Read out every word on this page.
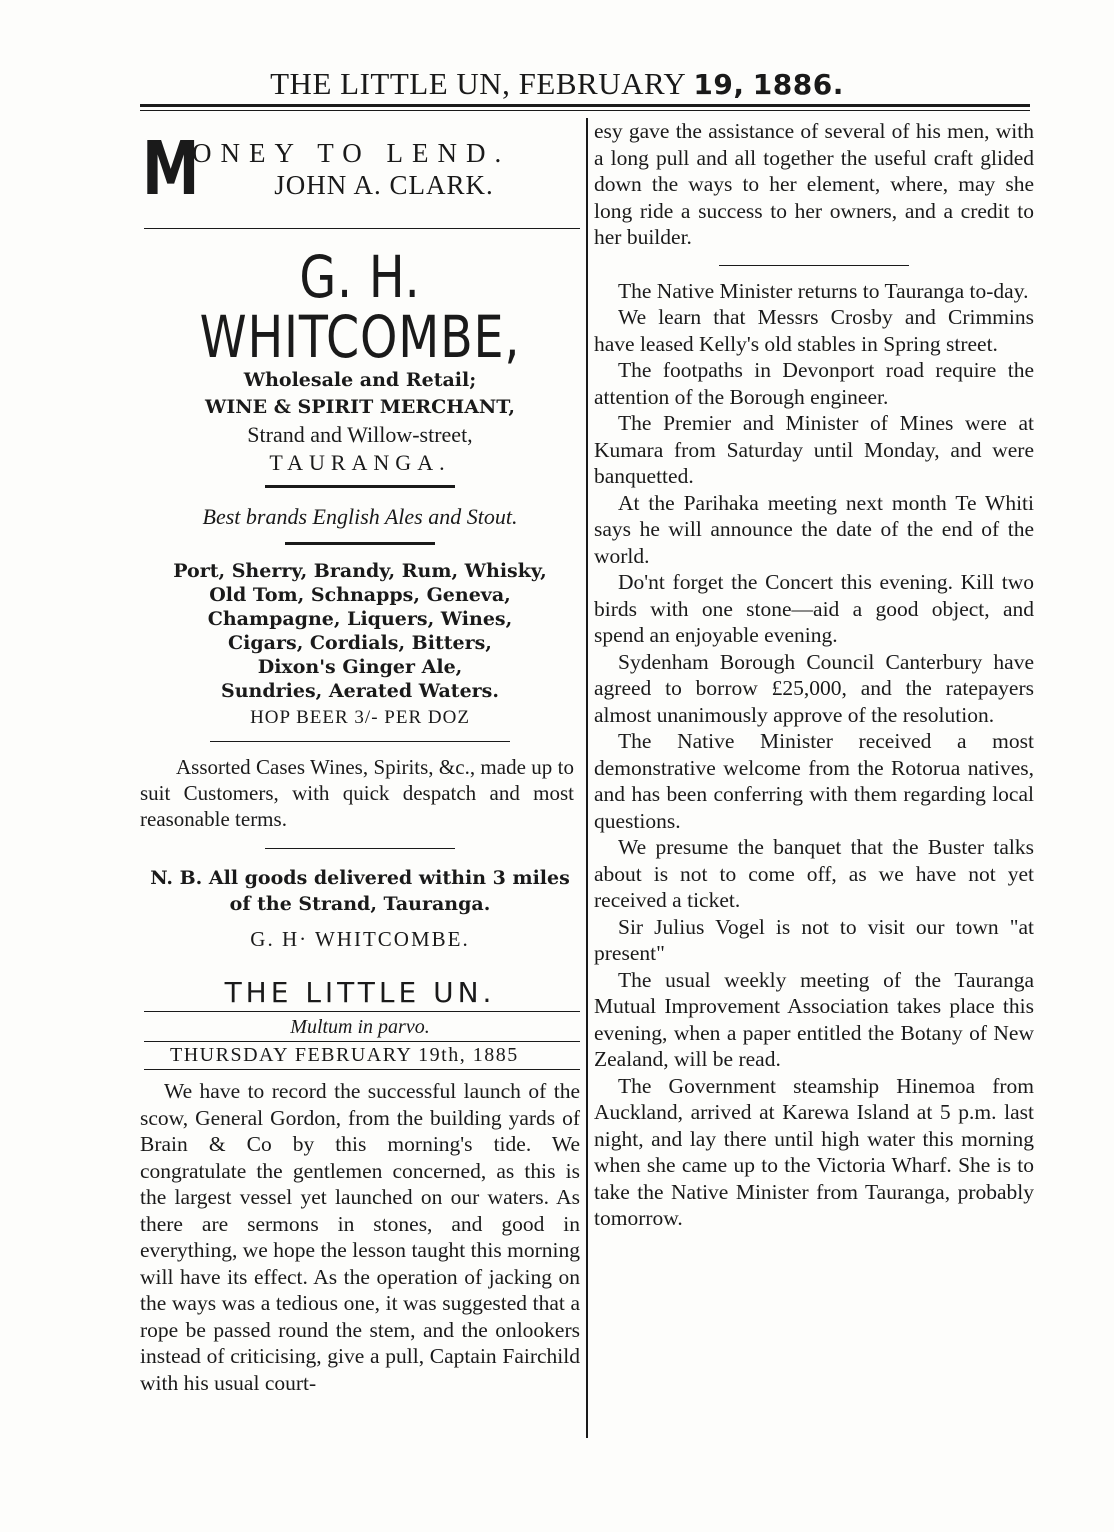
THE LITTLE UN, FEBRUARY 19, 1886.
M
ONEY TO LEND.
JOHN A. CLARK.
G. H. WHITCOMBE,
Wholesale and Retail;
WINE & SPIRIT MERCHANT,
Strand and Willow-street,
TAURANGA.
Best brands English Ales and Stout.
Port, Sherry, Brandy, Rum, Whisky,
Old Tom, Schnapps, Geneva,
Champagne, Liquers, Wines,
Cigars, Cordials, Bitters,
Dixon's Ginger Ale,
Sundries, Aerated Waters.
HOP BEER 3/- PER DOZ
Assorted Cases Wines, Spirits, &c., made up to suit Customers, with quick despatch and most reasonable terms.
N. B. All goods delivered within 3 miles of the Strand, Tauranga.
G. H· WHITCOMBE.
THE LITTLE UN.
Multum in parvo.
THURSDAY FEBRUARY 19th, 1885

We have to record the successful launch of the scow, General Gordon, from the building yards of Brain & Co by this morning's tide. We congratulate the gentlemen concerned, as this is the largest vessel yet launched on our waters. As there are sermons in stones, and good in everything, we hope the lesson taught this morning will have its effect. As the operation of jacking on the ways was a tedious one, it was suggested that a rope be passed round the stem, and the onlookers instead of criticising, give a pull, Captain Fairchild with his usual court-

esy gave the assistance of several of his men, with a long pull and all together the useful craft glided down the ways to her element, where, may she long ride a success to her owners, and a credit to her builder.

The Native Minister returns to Tauranga to-day.

We learn that Messrs Crosby and Crimmins have leased Kelly's old stables in Spring street.

The footpaths in Devonport road require the attention of the Borough engineer.

The Premier and Minister of Mines were at Kumara from Saturday until Monday, and were banquetted.

At the Parihaka meeting next month Te Whiti says he will announce the date of the end of the world.

Do'nt forget the Concert this evening. Kill two birds with one stone—aid a good object, and spend an enjoyable evening.

Sydenham Borough Council Canterbury have agreed to borrow £25,000, and the ratepayers almost unanimously approve of the resolution.

The Native Minister received a most demonstrative welcome from the Rotorua natives, and has been conferring with them regarding local questions.

We presume the banquet that the Buster talks about is not to come off, as we have not yet received a ticket.

Sir Julius Vogel is not to visit our town "at present"

The usual weekly meeting of the Tauranga Mutual Improvement Association takes place this evening, when a paper entitled the Botany of New Zealand, will be read.

The Government steamship Hinemoa from Auckland, arrived at Karewa Island at 5 p.m. last night, and lay there until high water this morning when she came up to the Victoria Wharf. She is to take the Native Minister from Tauranga, probably tomorrow.
